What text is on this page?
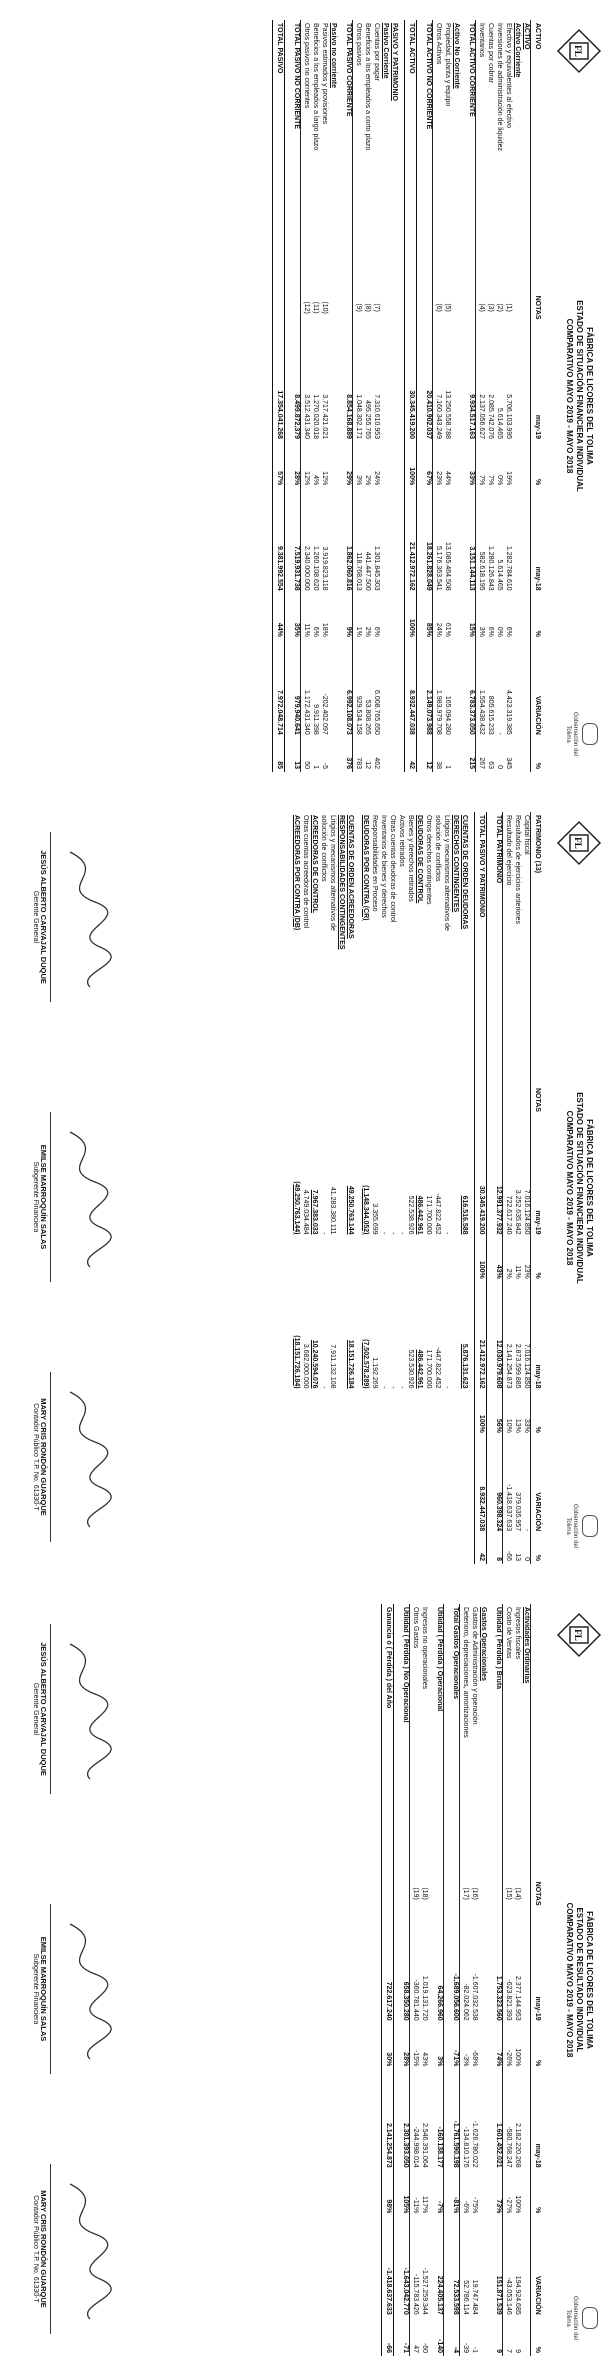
FL
FÁBRICA DE LICORES DEL TOLIMA
ESTADO DE SITUACIÓN FINANCIERA INDIVIDUAL
COMPARATIVO MAYO 2019 - MAYO 2018

Gobernación del Tolima
ACTIVO	NOTAS	may-19	%	may-18	%	VARIACIÓN	%
ACTIVO							
Activo Corriente							
Efectivo y equivalentes al efectivo	(1)	5.706.103.995	19%	1.282.784.610	6%	4.423.319.385	345
Inversiones de administración de liquidez	(2)	5.614.465	0%	5.614.465	0%	-	0
Cuentas por cobrar	(3)	2.085.742.076	7%	1.280.126.843	6%	805.615.233	63
Inventarios	(4)	2.137.056.627	7%	582.618.195	3%	1.554.438.432	267
TOTAL ACTIVO CORRIENTE		9.934.517.163	33%	3.151.144.113	15%	6.783.373.050	215

Activo No Corriente							
Propiedad, planta y equipo	(5)	13.250.558.788	44%	13.085.464.508	61%	165.094.280	1
Otros Activos	(6)	7.160.343.249	23%	5.176.363.541	24%	1.983.979.708	38
TOTAL ACTIVO NO CORRIENTE		20.410.902.037	67%	18.261.828.049	85%	2.149.073.988	12

TOTAL ACTIVO		30.345.419.200	100%	21.412.972.162	100%	8.932.447.038	42

PASIVO Y PATRIMONIO							
Pasivo Corriente							
Cuentas por pagar	(7)	7.310.610.953	24%	1.301.845.303	6%	6.008.765.650	462
Beneficios a los empleados a corto plazo	(8)	495.255.765	2%	441.447.500	2%	53.808.265	12
Otros pasivos	(9)	1.048.302.171	3%	118.768.013	1%	929.534.158	783
TOTAL PASIVO CORRIENTE		8.854.168.889	29%	1.862.060.816	9%	6.992.108.073	376

Pasivo no corriente							
Pasivos estimados y provisiones	(10)	3.717.421.021	12%	3.919.823.118	18%	-202.402.097	-5
Beneficios a los empleados a largo plazo	(11)	1.270.020.018	4%	1.260.108.620	6%	9.911.398	1
Otros pasivos no corrientes	(12)	3.512.431.340	12%	2.340.000.000	11%	1.172.431.340	50
TOTAL PASIVO NO CORRIENTE		8.499.872.379	28%	7.519.931.738	35%	979.940.641	13

TOTAL PASIVO		17.354.041.268	57%	9.381.992.554	44%	7.972.048.714	85
FL
FÁBRICA DE LICORES DEL TOLIMA
ESTADO DE SITUACIÓN FINANCIERA INDIVIDUAL
COMPARATIVO MAYO 2019 - MAYO 2018

Gobernación del Tolima
PATRIMONIO (13)	NOTAS	may-19	%	may-18	%	VARIACIÓN	%
Capital fiscal		7.016.124.850	23%	7.016.124.850	33%	-	0
Resultados de ejercicios anteriores		3.252.635.842	11%	2.873.599.885	13%	379.035.957	13
Resultado del ejercicio		722.617.240	2%	2.141.254.873	10%	-1.418.637.633	-66
TOTAL PATRIMONIO		12.991.377.932	43%	12.030.979.608	56%	960.398.324	8

TOTAL PASIVO Y PATRIMONIO		30.345.419.200	100%	21.412.972.162	100%	8.932.447.038	42

CUENTAS DE ORDEN DEUDORAS		616.516.588		5.876.131.623			
DERECHOS CONTINGENTES							
Litigios y mecanismos alternativos de		-		-			
solución de conflictos		-447.822.452		-447.822.452			
Otros derechos contingentes		171.700.000		171.700.000			
DEUDORAS DE CONTROL		486.442.961		486.442.961			
Bienes y derechos retirados		522.538.926		523.530.926			
Activos retirados		-		-			
Otras cuentas deudoras de control		-		-			
Inventarios de bienes y derechos		-		-			
Responsabilidades en Proceso		3.355.699		1.192.269			
DEUDORAS POR CONTRA (CR)		(1.148.344.052)		(7.502.578.289)			

CUENTAS DE ORDEN ACREEDORAS		49.250.763.144		18.151.726.184			
RESPONSABILIDADES CONTINGENTES							
Litigios y mecanismos alternativos de		41.283.380.111		7.911.132.108			
solución de conflictos		-		-			
ACREEDORAS DE CONTROL		7.967.383.033		10.240.594.076			
Otras cuentas acreedoras de control		4.749.034.484		3.682.000.000			
ACREEDORAS POR CONTRA (DB)		(49.250.763.144)		(18.151.726.184)			
JESÚS ALBERTO CARVAJAL DUQUE
Gerente General
EMILSE MARROQUÍN SALAS
Subgerente Financiera
MARY CRIS RONDÓN GUARQUE
Contador Público T.P. No. 61330-T
FL
FÁBRICA DE LICORES DEL TOLIMA
ESTADO DE RESULTADO INDIVIDUAL
COMPARATIVO MAYO 2019 - MAYO 2018

Gobernación del Tolima
	NOTAS	may-19	%	may-18	%	VARIACIÓN	%
Actividades Ordinarias							
Ingresos fiscales	(14)	2.377.144.953	100%	2.182.220.268	100%	194.924.685	9
Costo de Ventas	(15)	-623.821.393	-26%	-580.768.247	-27%	-43.053.146	7
Utilidad ( Pérdida ) Bruta		1.753.323.560	74%	1.601.452.021	73%	151.871.539	9

Gastos Operacionales							
Gastos de Administración y operación	(16)	-1.607.032.538	-68%	-1.626.780.022	-75%	19.747.484	-1
Deterioro, depreciaciones, amortizaciones	(17)	-82.024.062	-3%	-134.810.176	-6%	52.786.114	-39
Total Gastos Operacionales		-1.689.056.600	-71%	-1.761.590.198	-81%	72.533.598	-4

Utilidad ( Pérdida ) Operacional		64.266.960	3%	-160.138.177	-7%	224.405.137	-140

Ingresos no operacionales	(18)	1.019.131.720	43%	2.546.391.064	117%	-1.527.259.344	-60
Otros Gastos	(19)	-360.781.440	-15%	-244.998.014	-11%	-115.783.426	47
Utilidad ( Pérdida ) No Operacional		658.350.280	28%	2.301.393.050	105%	-1.643.042.770	-71

Ganancia ó ( Pérdida ) del Año		722.617.240	30%	2.141.254.873	98%	-1.418.637.633	-66
JESÚS ALBERTO CARVAJAL DUQUE
Gerente General
EMILSE MARROQUÍN SALAS
Subgerente Financiera
MARY CRIS RONDÓN GUARQUE
Contador Público T.P. No. 61330-T
